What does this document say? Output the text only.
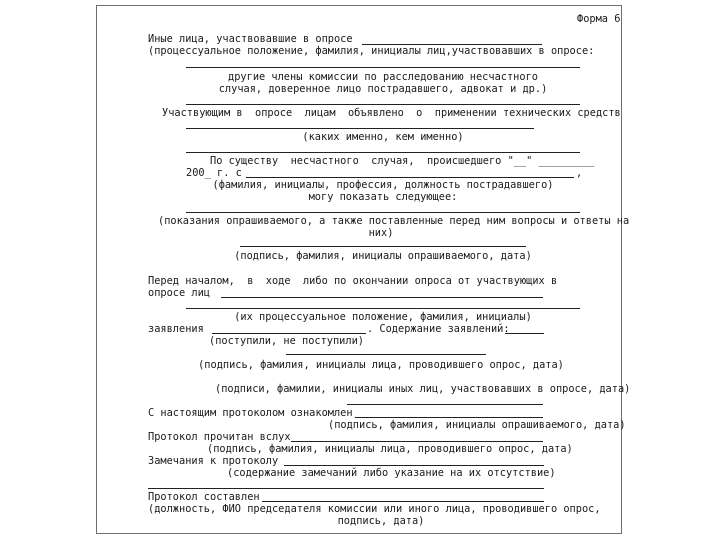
Форма 6
Иные лица, участвовавшие в опросе
(процессуальное положение, фамилия, инициалы лиц,участвовавших в опросе:
другие члены комиссии по расследованию несчастного
случая, доверенное лицо пострадавшего, адвокат и др.)
Участвующим в  опросе  лицам  объявлено  о  применении технических средств
(каких именно, кем именно)
По существу  несчастного  случая,  происшедшего "__" _________
200_ г. с	,
(фамилия, инициалы, профессия, должность пострадавшего)
могу показать следующее:
(показания опрашиваемого, а также поставленные перед ним вопросы и ответы на
них)
(подпись, фамилия, инициалы опрашиваемого, дата)
Перед началом,  в  ходе  либо по окончании опроса от участвующих в
опросе лиц
(их процессуальное положение, фамилия, инициалы)
заявления	. Содержание заявлений:
(поступили, не поступили)
(подпись, фамилия, инициалы лица, проводившего опрос, дата)
(подписи, фамилии, инициалы иных лиц, участвовавших в опросе, дата)
С настоящим протоколом ознакомлен
(подпись, фамилия, инициалы опрашиваемого, дата)
Протокол прочитан вслух
(подпись, фамилия, инициалы лица, проводившего опрос, дата)
Замечания к протоколу
(содержание замечаний либо указание на их отсутствие)
Протокол составлен
(должность, ФИО председателя комиссии или иного лица, проводившего опрос,
подпись, дата)
